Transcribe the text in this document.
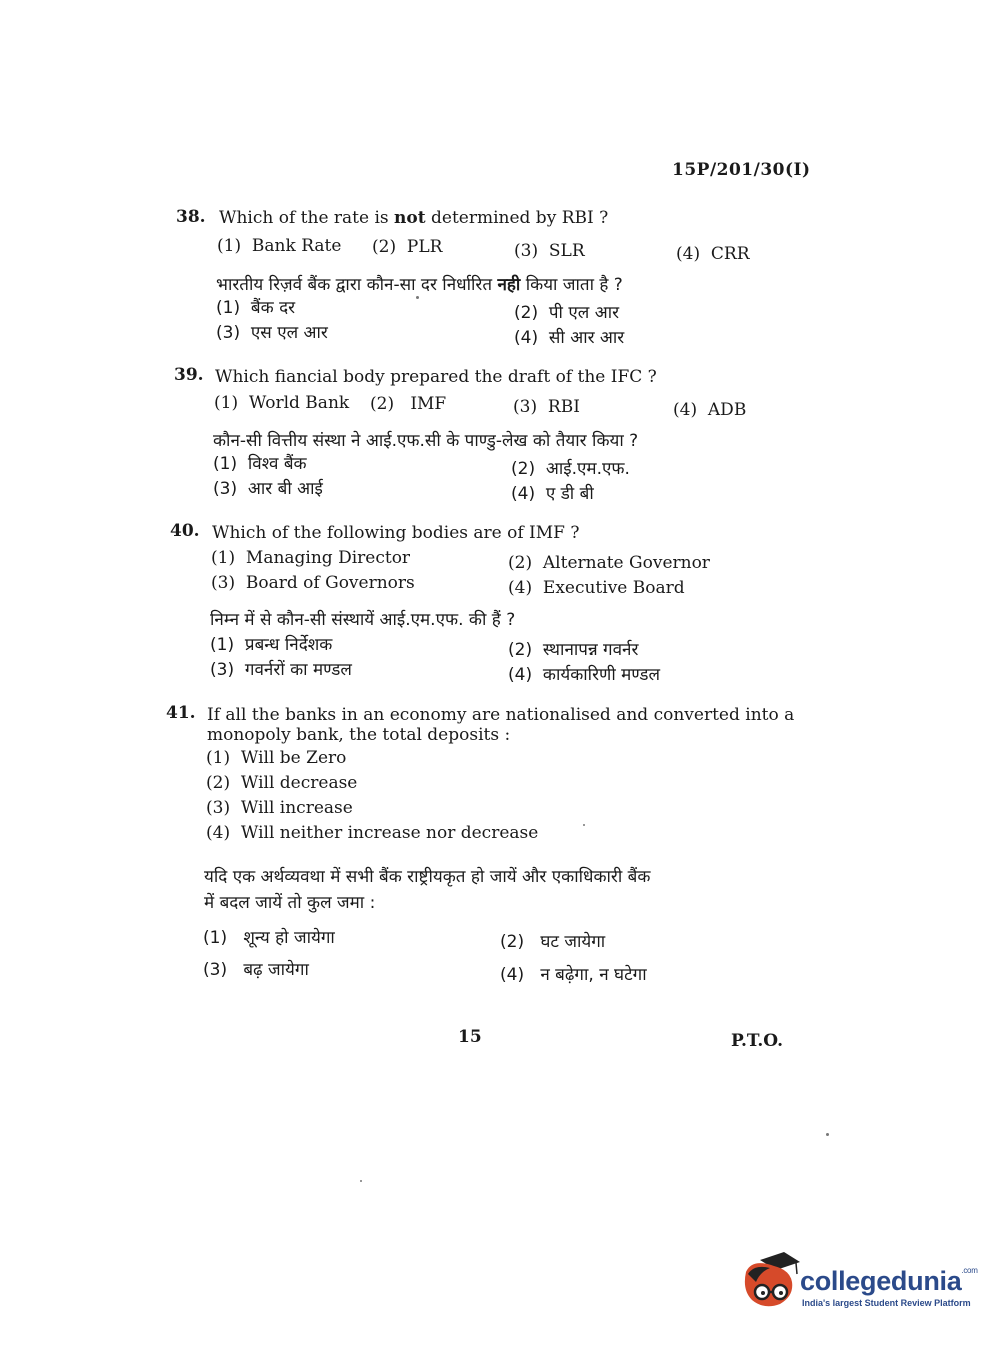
15P/201/30(I)
38. Which of the rate is not determined by RBI ?
(1) Bank Rate (2) PLR	(3) SLR	(4) CRR
भारतीय रिज़र्व बैंक द्वारा कौन-सा दर निर्धारित नही किया जाता है ?
(1) बैंक दर	(2) पी एल आर
(3) एस एल आर	(4) सी आर आर
39. Which fiancial body prepared the draft of the IFC ?
(1) World Bank (2) IMF	(3) RBI	(4) ADB
कौन-सी वित्तीय संस्था ने आई.एफ.सी के पाण्डु-लेख को तैयार किया ?
(1) विश्व बैंक	(2) आई.एम.एफ.
(3) आर बी आई	(4) ए डी बी
40. Which of the following bodies are of IMF ?
(1) Managing Director	(2) Alternate Governor
(3) Board of Governors	(4) Executive Board
निम्न में से कौन-सी संस्थायें आई.एम.एफ. की हैं ?
(1) प्रबन्ध निर्देशक	(2) स्थानापन्न गवर्नर
(3) गवर्नरों का मण्डल	(4) कार्यकारिणी मण्डल
41. If all the banks in an economy are nationalised and converted into a
monopoly bank, the total deposits :
(1) Will be Zero
(2) Will decrease
(3) Will increase
(4) Will neither increase nor decrease
यदि एक अर्थव्यवथा में सभी बैंक राष्ट्रीयकृत हो जायें और एकाधिकारी बैंक
में बदल जायें तो कुल जमा :
(1) शून्य हो जायेगा	(2) घट जायेगा
(3) बढ़ जायेगा	(4) न बढ़ेगा, न घटेगा
15	P.T.O.
collegedunia$^{.com}$
India's largest Student Review Platform
